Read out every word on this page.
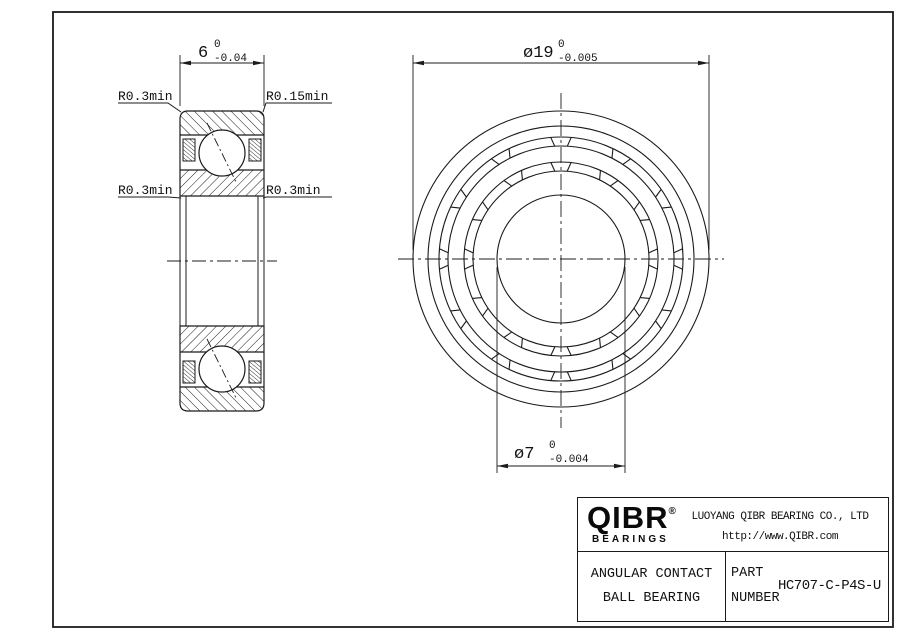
6 0
-0.04
R0.3min	R0.15min
R0.3min	R0.3min
ø19 0
-0.005
ø7 0
-0.004
QIBR®
BEARINGS
LUOYANG QIBR BEARING CO., LTD
http://www.QIBR.com
ANGULAR CONTACT
BALL BEARING
PART
NUMBER
HC707-C-P4S-U
